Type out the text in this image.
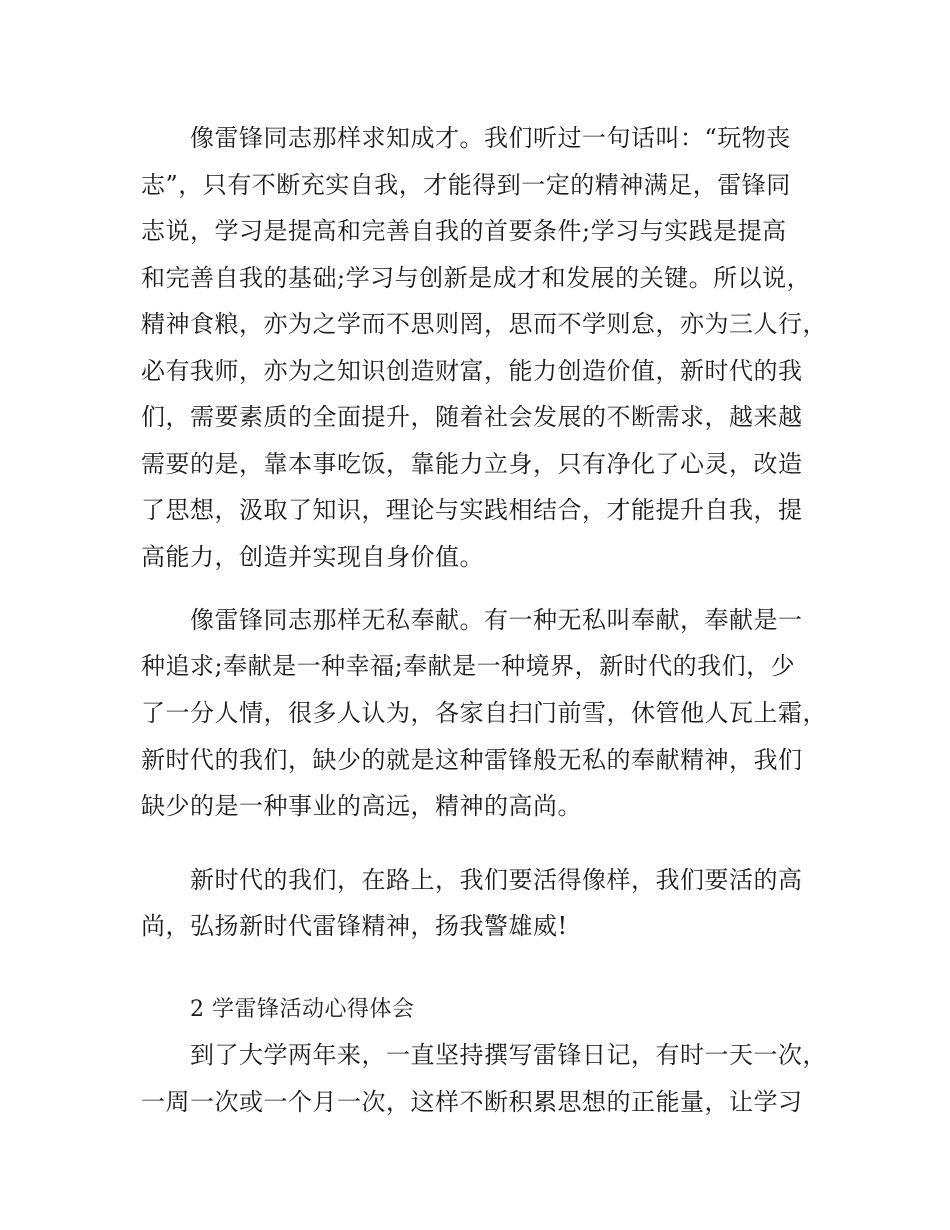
像雷锋同志那样求知成才。我们听过一句话叫：“玩物丧
志”，只有不断充实自我，才能得到一定的精神满足，雷锋同
志说，学习是提高和完善自我的首要条件;学习与实践是提高
和完善自我的基础;学习与创新是成才和发展的关键。所以说，
精神食粮，亦为之学而不思则罔，思而不学则怠，亦为三人行，
必有我师，亦为之知识创造财富，能力创造价值，新时代的我
们，需要素质的全面提升，随着社会发展的不断需求，越来越
需要的是，靠本事吃饭，靠能力立身，只有净化了心灵，改造
了思想，汲取了知识，理论与实践相结合，才能提升自我，提
高能力，创造并实现自身价值。
像雷锋同志那样无私奉献。有一种无私叫奉献，奉献是一
种追求;奉献是一种幸福;奉献是一种境界，新时代的我们，少
了一分人情，很多人认为，各家自扫门前雪，休管他人瓦上霜，
新时代的我们，缺少的就是这种雷锋般无私的奉献精神，我们
缺少的是一种事业的高远，精神的高尚。
新时代的我们，在路上，我们要活得像样，我们要活的高
尚，弘扬新时代雷锋精神，扬我警雄威!
2 学雷锋活动心得体会
到了大学两年来，一直坚持撰写雷锋日记，有时一天一次，
一周一次或一个月一次，这样不断积累思想的正能量，让学习
